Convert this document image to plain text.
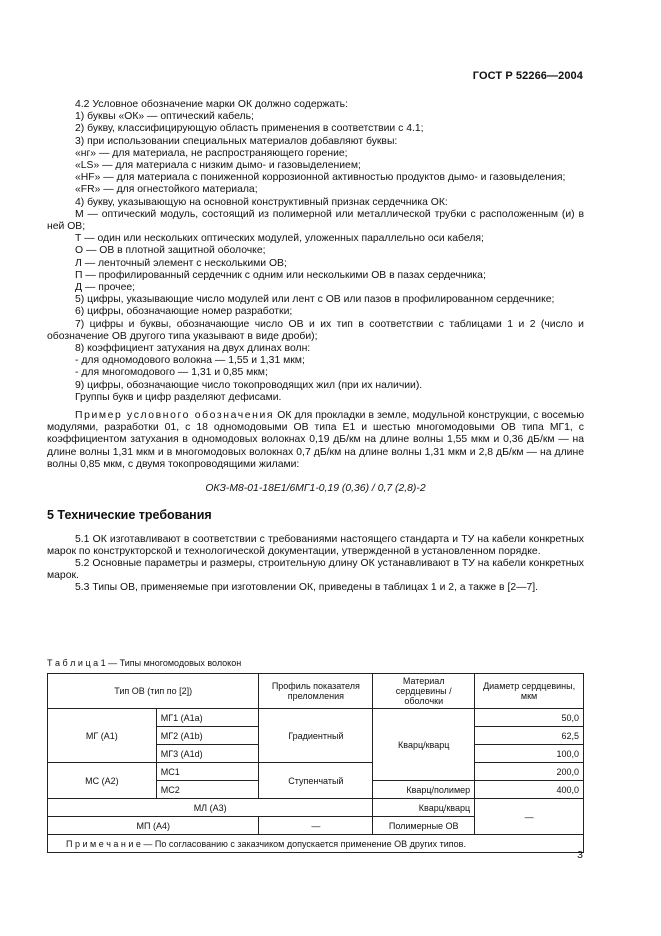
ГОСТ Р 52266—2004

4.2 Условное обозначение марки ОК должно содержать:

1) буквы «ОК» — оптический кабель;

2) букву, классифицирующую область применения в соответствии с 4.1;

3) при использовании специальных материалов добавляют буквы:

«нг» — для материала, не распространяющего горение;

«LS» — для материала с низким дымо- и газовыделением;

«HF» — для материала с пониженной коррозионной активностью продуктов дымо- и газовыделения;

«FR» — для огнестойкого материала;

4) букву, указывающую на основной конструктивный признак сердечника ОК:

М — оптический модуль, состоящий из полимерной или металлической трубки с расположенным (и) в ней ОВ;

Т — один или нескольких оптических модулей, уложенных параллельно оси кабеля;

О — ОВ в плотной защитной оболочке;

Л — ленточный элемент с несколькими ОВ;

П — профилированный сердечник с одним или несколькими ОВ в пазах сердечника;

Д — прочее;

5) цифры, указывающие число модулей или лент с ОВ или пазов в профилированном сердечнике;

6) цифры, обозначающие номер разработки;

7) цифры и буквы, обозначающие число ОВ и их тип в соответствии с таблицами 1 и 2 (число и обозначение ОВ другого типа указывают в виде дроби);

8) коэффициент затухания на двух длинах волн:

- для одномодового волокна — 1,55 и 1,31 мкм;

- для многомодового — 1,31 и 0,85 мкм;

9) цифры, обозначающие число токопроводящих жил (при их наличии).

Группы букв и цифр разделяют дефисами.

Пример условного обозначения ОК для прокладки в земле, модульной конструкции, с восемью модулями, разработки 01, с 18 одномодовыми ОВ типа Е1 и шестью многомодовыми ОВ типа МГ1, с коэффициентом затухания в одномодовых волокнах 0,19 дБ/км на длине волны 1,55 мкм и 0,36 дБ/км — на длине волны 1,31 мкм и в многомодовых волокнах 0,7 дБ/км на длине волны 1,31 мкм и 2,8 дБ/км — на длине волны 0,85 мкм, с двумя токопроводящими жилами:

ОКЗ-М8-01-18Е1/6МГ1-0,19 (0,36) / 0,7 (2,8)-2

5 Технические требования

5.1 ОК изготавливают в соответствии с требованиями настоящего стандарта и ТУ на кабели конкретных марок по конструкторской и технологической документации, утвержденной в установленном порядке.

5.2 Основные параметры и размеры, строительную длину ОК устанавливают в ТУ на кабели конкретных марок.

5.3 Типы ОВ, применяемые при изготовлении ОК, приведены в таблицах 1 и 2, а также в [2—7].

Т а б л и ц а 1 — Типы многомодовых волокон
Тип ОВ (тип по [2])		Профиль показателя преломления	Материал сердцевины / оболочки	Диаметр сердцевины, мкм
МГ (А1)	МГ1 (А1а)	Градиентный	Кварц/кварц	50,0
	МГ2 (А1b)			62,5
	МГ3 (А1d)			100,0
МС (А2)	МС1	Ступенчатый		200,0
	МС2		Кварц/полимер	400,0
МЛ (А3)			Кварц/кварц	—
МП (А4)		—	Полимерные ОВ	
П р и м е ч а н и е — По согласованию с заказчиком допускается применение ОВ других типов.				
3
